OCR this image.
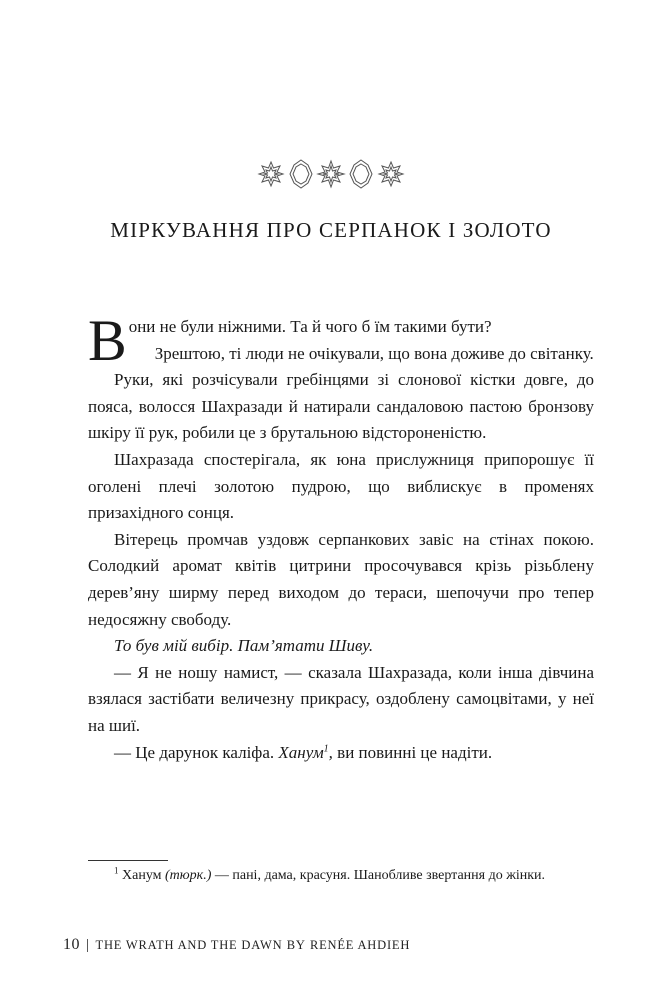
МІРКУВАННЯ ПРО СЕРПАНОК І ЗОЛОТО

Вони не були ніжними. Та й чого б їм такими бути?

Зрештою, ті люди не очікували, що вона доживе до світанку.

Руки, які розчісували гребінцями зі слонової кістки довге, до пояса, волосся Шахразади й натирали сандаловою пастою бронзову шкіру її рук, робили це з брутальною відстороненістю.

Шахразада спостерігала, як юна прислужниця припорошує її оголені плечі золотою пудрою, що виблискує в променях призахідного сонця.

Вітерець промчав уздовж серпанкових завіс на стінах покою. Солодкий аромат квітів цитрини просочувався крізь різьблену дерев’яну ширму перед виходом до тераси, шепочучи про тепер недосяжну свободу.

То був мій вибір. Пам’ятати Шиву.

— Я не ношу намист, — сказала Шахразада, коли інша дівчина взялася застібати величезну прикрасу, оздоблену самоцвітами, у неї на шиї.

— Це дарунок каліфа. Ханум$^1$, ви повинні це надіти.

$^1$ Ханум (тюрк.) — пані, дама, красуня. Шанобливе звертання до жінки.
10 | THE WRATH AND THE DAWN BY RENÉE AHDIEH
